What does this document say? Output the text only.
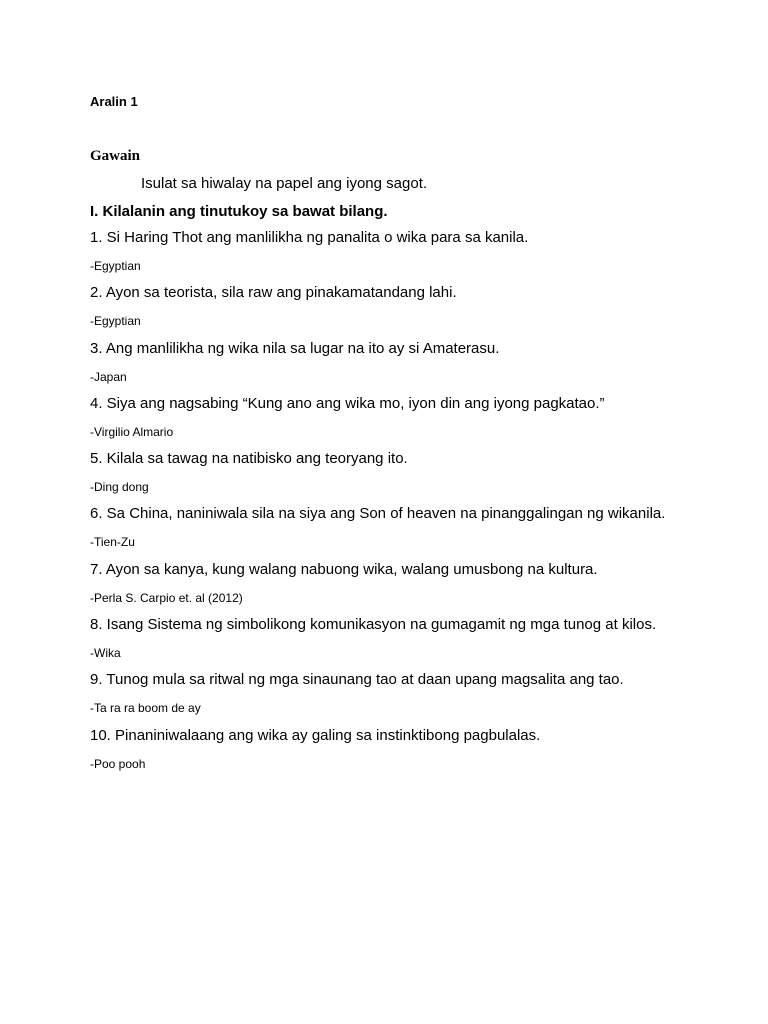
Aralin 1
Gawain
Isulat sa hiwalay na papel ang iyong sagot.
I. Kilalanin ang tinutukoy sa bawat bilang.
1. Si Haring Thot ang manlilikha ng panalita o wika para sa kanila.
-Egyptian
2. Ayon sa teorista, sila raw ang pinakamatandang lahi.
-Egyptian
3. Ang manlilikha ng wika nila sa lugar na ito ay si Amaterasu.
-Japan
4. Siya ang nagsabing “Kung ano ang wika mo, iyon din ang iyong pagkatao.”
-Virgilio Almario
5. Kilala sa tawag na natibisko ang teoryang ito.
-Ding dong
6. Sa China, naniniwala sila na siya ang Son of heaven na pinanggalingan ng wikanila.
-Tien-Zu
7. Ayon sa kanya, kung walang nabuong wika, walang umusbong na kultura.
-Perla S. Carpio et. al (2012)
8. Isang Sistema ng simbolikong komunikasyon na gumagamit ng mga tunog at kilos.
-Wika
9. Tunog mula sa ritwal ng mga sinaunang tao at daan upang magsalita ang tao.
-Ta ra ra boom de ay
10. Pinaniniwalaang ang wika ay galing sa instinktibong pagbulalas.
-Poo pooh
